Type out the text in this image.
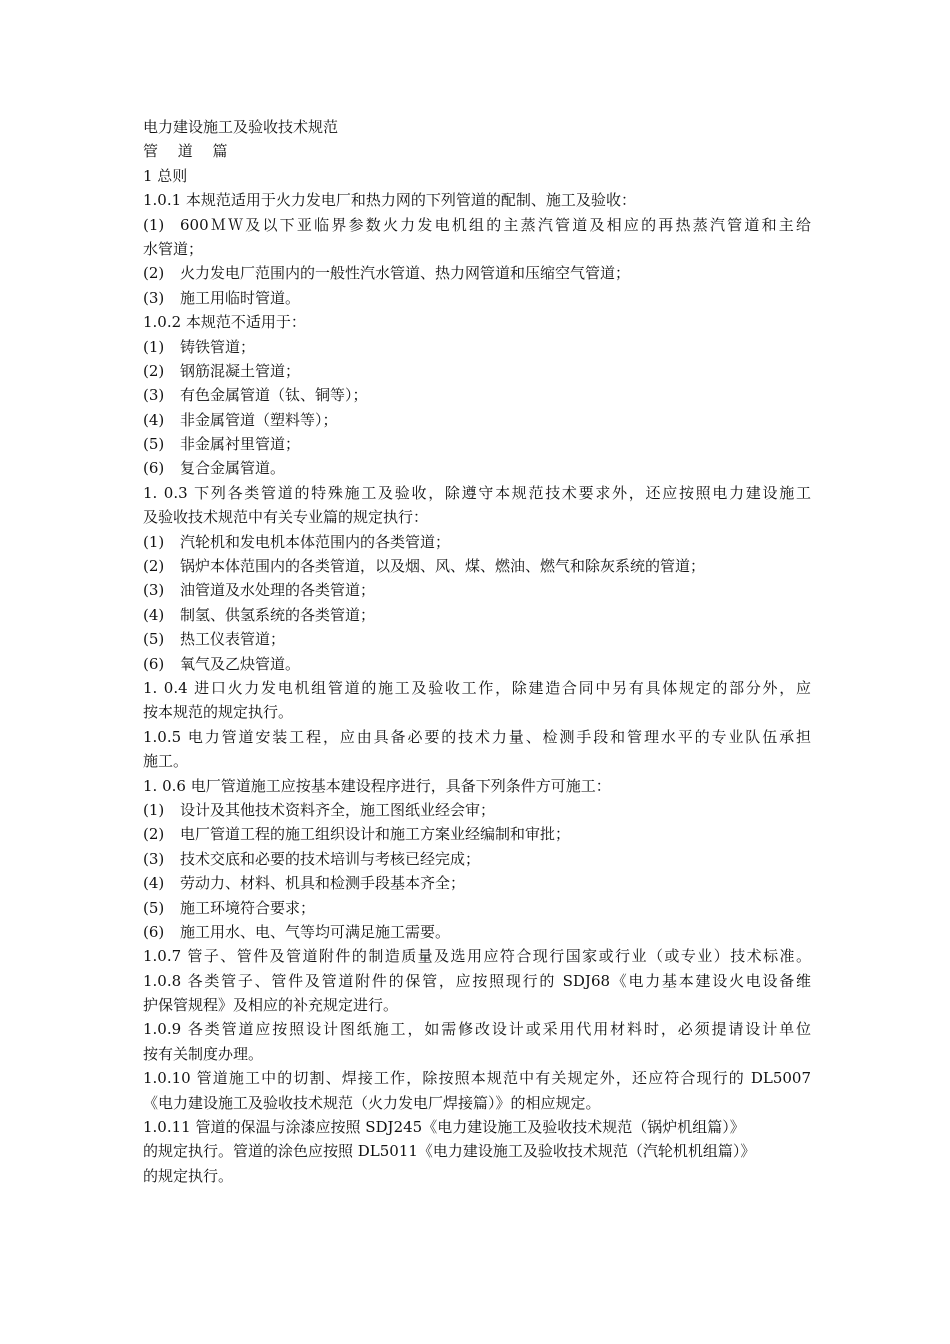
电力建设施工及验收技术规范
管　 道　 篇
1 总则
1.0.1 本规范适用于火力发电厂和热力网的下列管道的配制、施工及验收：
(1) 600ＭＷ及以下亚临界参数火力发电机组的主蒸汽管道及相应的再热蒸汽管道和主给
水管道；
(2) 火力发电厂范围内的一般性汽水管道、热力网管道和压缩空气管道；
(3) 施工用临时管道。
1.0.2 本规范不适用于：
(1) 铸铁管道；
(2) 钢筋混凝土管道；
(3) 有色金属管道（钛、铜等）；
(4) 非金属管道（塑料等）；
(5) 非金属衬里管道；
(6) 复合金属管道。
1. 0.3 下列各类管道的特殊施工及验收，除遵守本规范技术要求外，还应按照电力建设施工
及验收技术规范中有关专业篇的规定执行：
(1) 汽轮机和发电机本体范围内的各类管道；
(2) 锅炉本体范围内的各类管道，以及烟、风、煤、燃油、燃气和除灰系统的管道；
(3) 油管道及水处理的各类管道；
(4) 制氢、供氢系统的各类管道；
(5) 热工仪表管道；
(6) 氧气及乙炔管道。
1. 0.4 进口火力发电机组管道的施工及验收工作，除建造合同中另有具体规定的部分外，应
按本规范的规定执行。
1.0.5 电力管道安装工程，应由具备必要的技术力量、检测手段和管理水平的专业队伍承担
施工。
1. 0.6 电厂管道施工应按基本建设程序进行，具备下列条件方可施工：
(1) 设计及其他技术资料齐全，施工图纸业经会审；
(2) 电厂管道工程的施工组织设计和施工方案业经编制和审批；
(3) 技术交底和必要的技术培训与考核已经完成；
(4) 劳动力、材料、机具和检测手段基本齐全；
(5) 施工环境符合要求；
(6) 施工用水、电、气等均可满足施工需要。
1.0.7 管子、管件及管道附件的制造质量及选用应符合现行国家或行业（或专业）技术标准。
1.0.8 各类管子、管件及管道附件的保管，应按照现行的 SDJ68《电力基本建设火电设备维
护保管规程》及相应的补充规定进行。
1.0.9 各类管道应按照设计图纸施工，如需修改设计或采用代用材料时，必须提请设计单位
按有关制度办理。
1.0.10 管道施工中的切割、焊接工作，除按照本规范中有关规定外，还应符合现行的 DL5007
《电力建设施工及验收技术规范（火力发电厂焊接篇）》的相应规定。
1.0.11 管道的保温与涂漆应按照 SDJ245《电力建设施工及验收技术规范（锅炉机组篇）》
的规定执行。管道的涂色应按照 DL5011《电力建设施工及验收技术规范（汽轮机机组篇）》
的规定执行。
